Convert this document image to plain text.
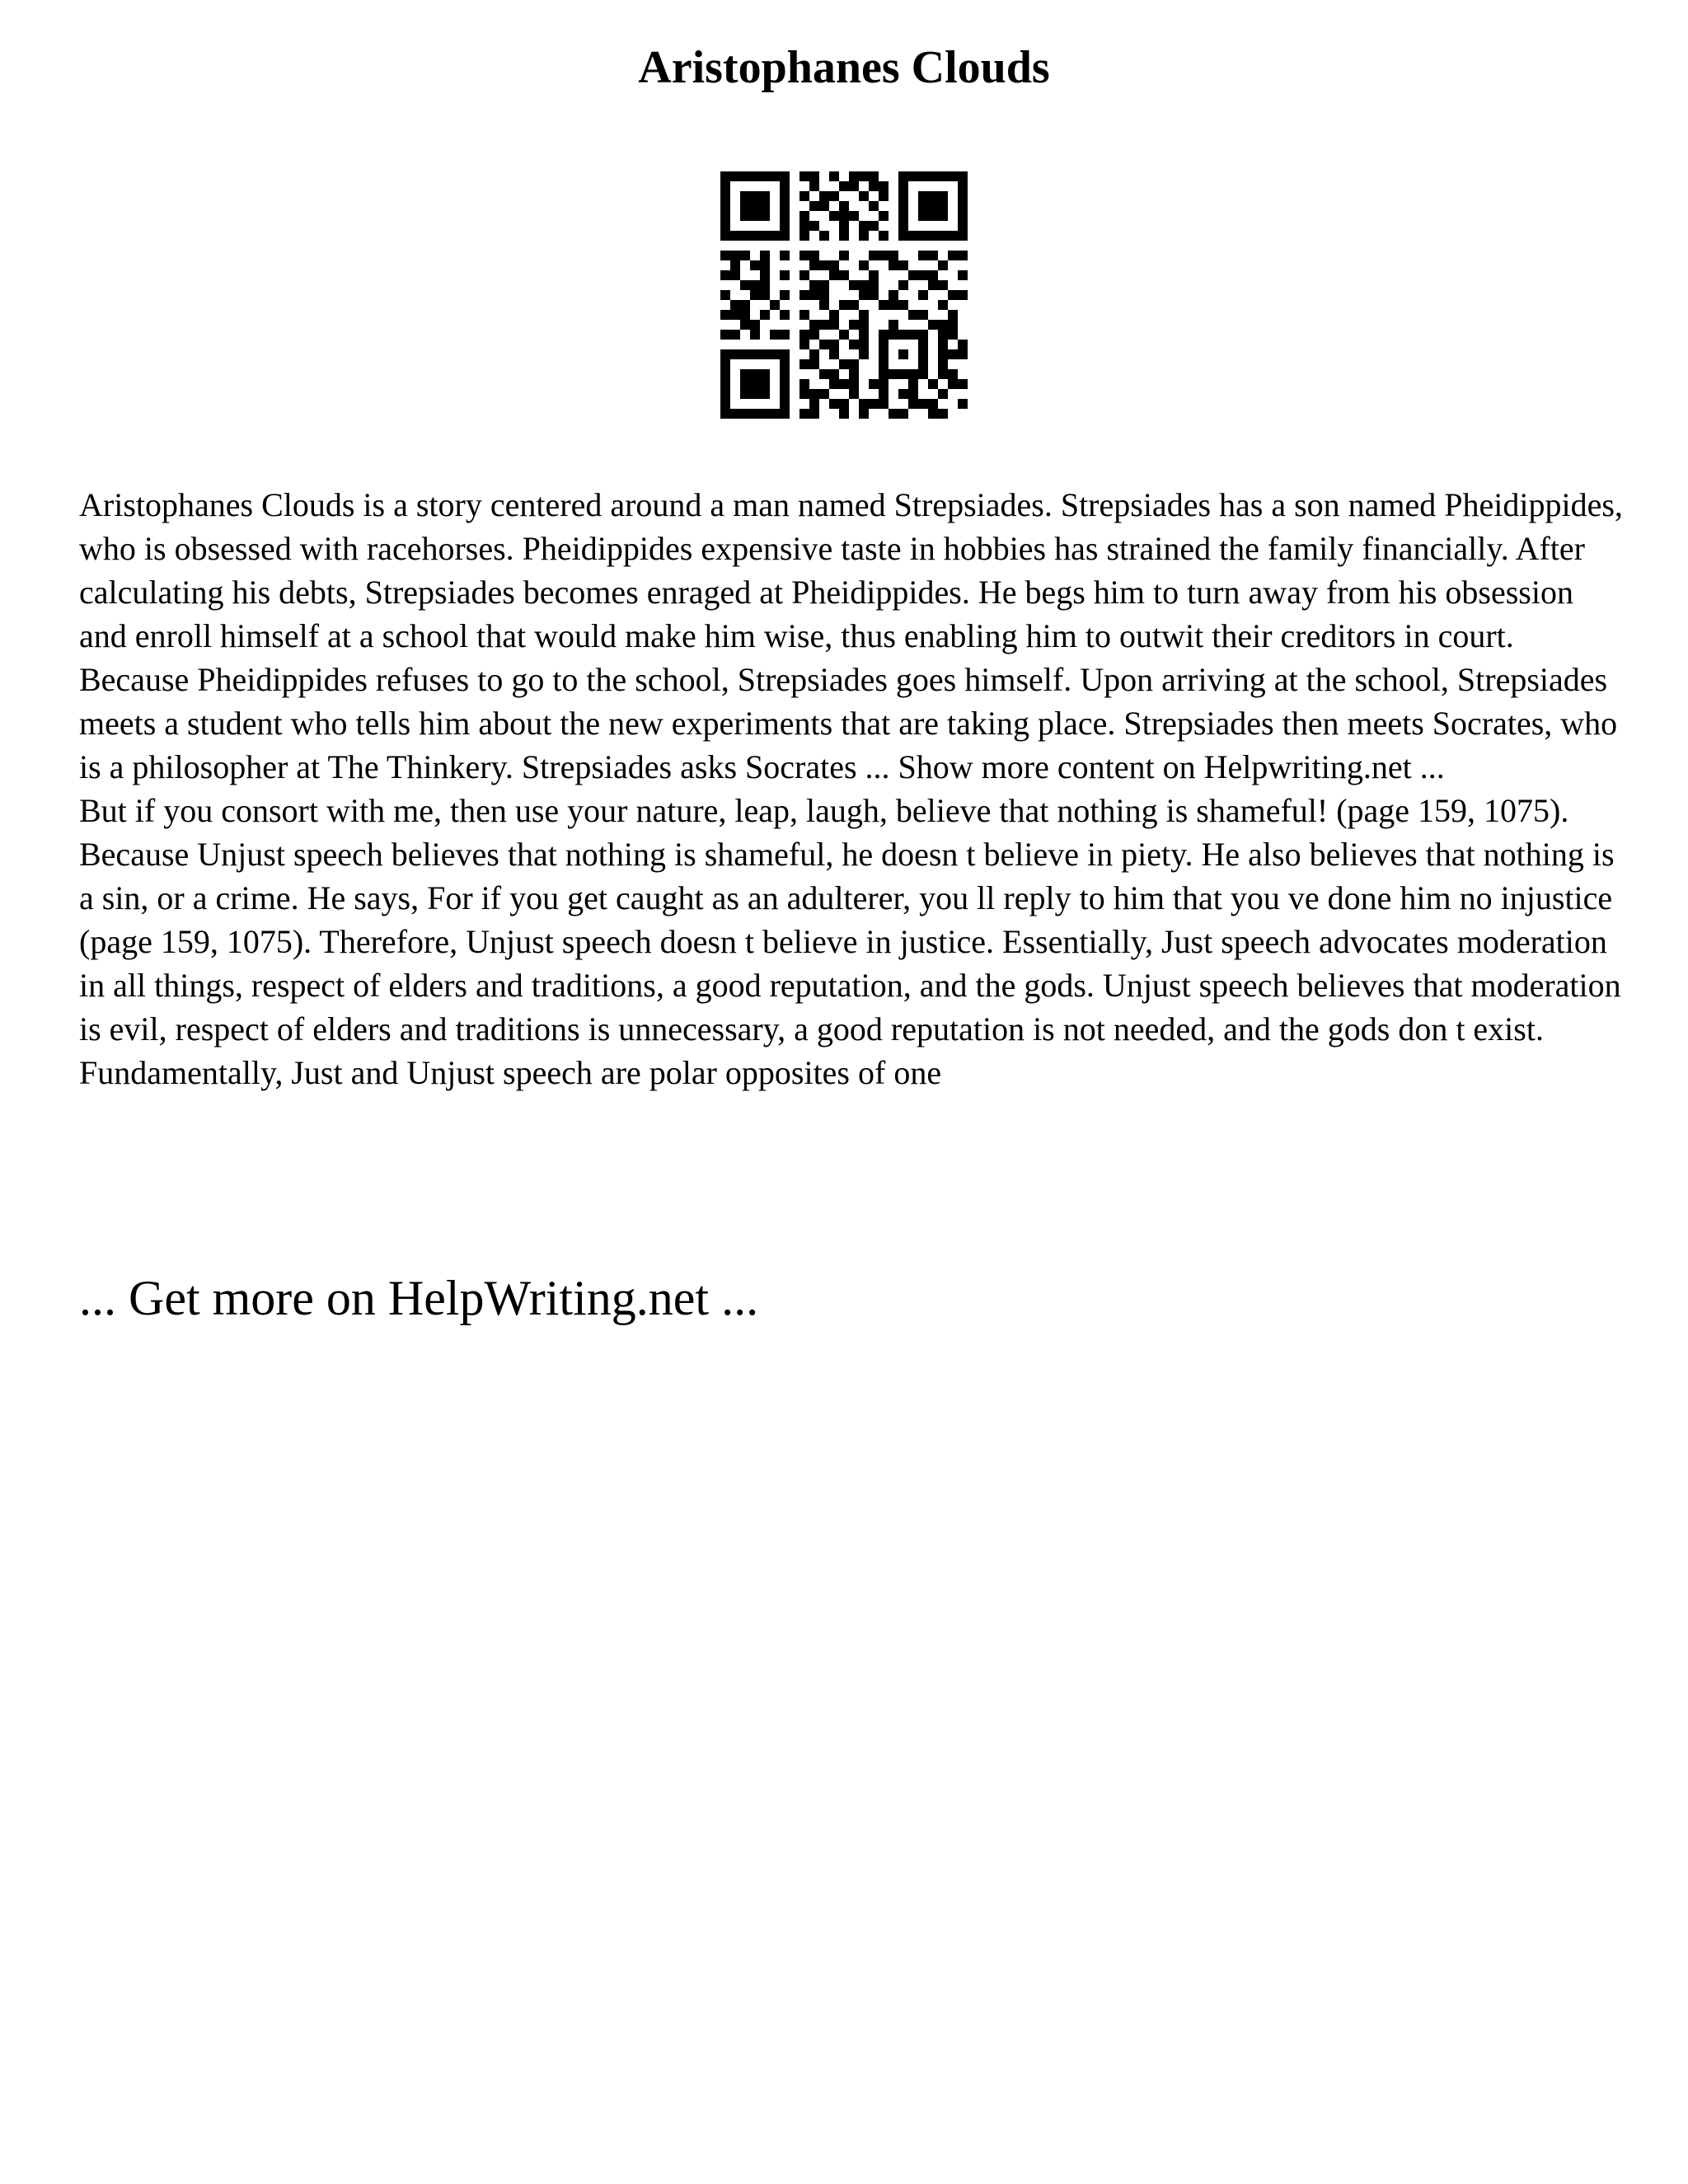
Aristophanes Clouds

Aristophanes Clouds is a story centered around a man named Strepsiades. Strepsiades has a son named Pheidippides, who is obsessed with racehorses. Pheidippides expensive taste in hobbies has strained the family financially. After calculating his debts, Strepsiades becomes enraged at Pheidippides. He begs him to turn away from his obsession and enroll himself at a school that would make him wise, thus enabling him to outwit their creditors in court. Because Pheidippides refuses to go to the school, Strepsiades goes himself. Upon arriving at the school, Strepsiades meets a student who tells him about the new experiments that are taking place. Strepsiades then meets Socrates, who is a philosopher at The Thinkery. Strepsiades asks Socrates ... Show more content on Helpwriting.net ...

But if you consort with me, then use your nature, leap, laugh, believe that nothing is shameful! (page 159, 1075). Because Unjust speech believes that nothing is shameful, he doesn t believe in piety. He also believes that nothing is a sin, or a crime. He says, For if you get caught as an adulterer, you ll reply to him that you ve done him no injustice (page 159, 1075). Therefore, Unjust speech doesn t believe in justice. Essentially, Just speech advocates moderation in all things, respect of elders and traditions, a good reputation, and the gods. Unjust speech believes that moderation is evil, respect of elders and traditions is unnecessary, a good reputation is not needed, and the gods don t exist. Fundamentally, Just and Unjust speech are polar opposites of one

... Get more on HelpWriting.net ...
